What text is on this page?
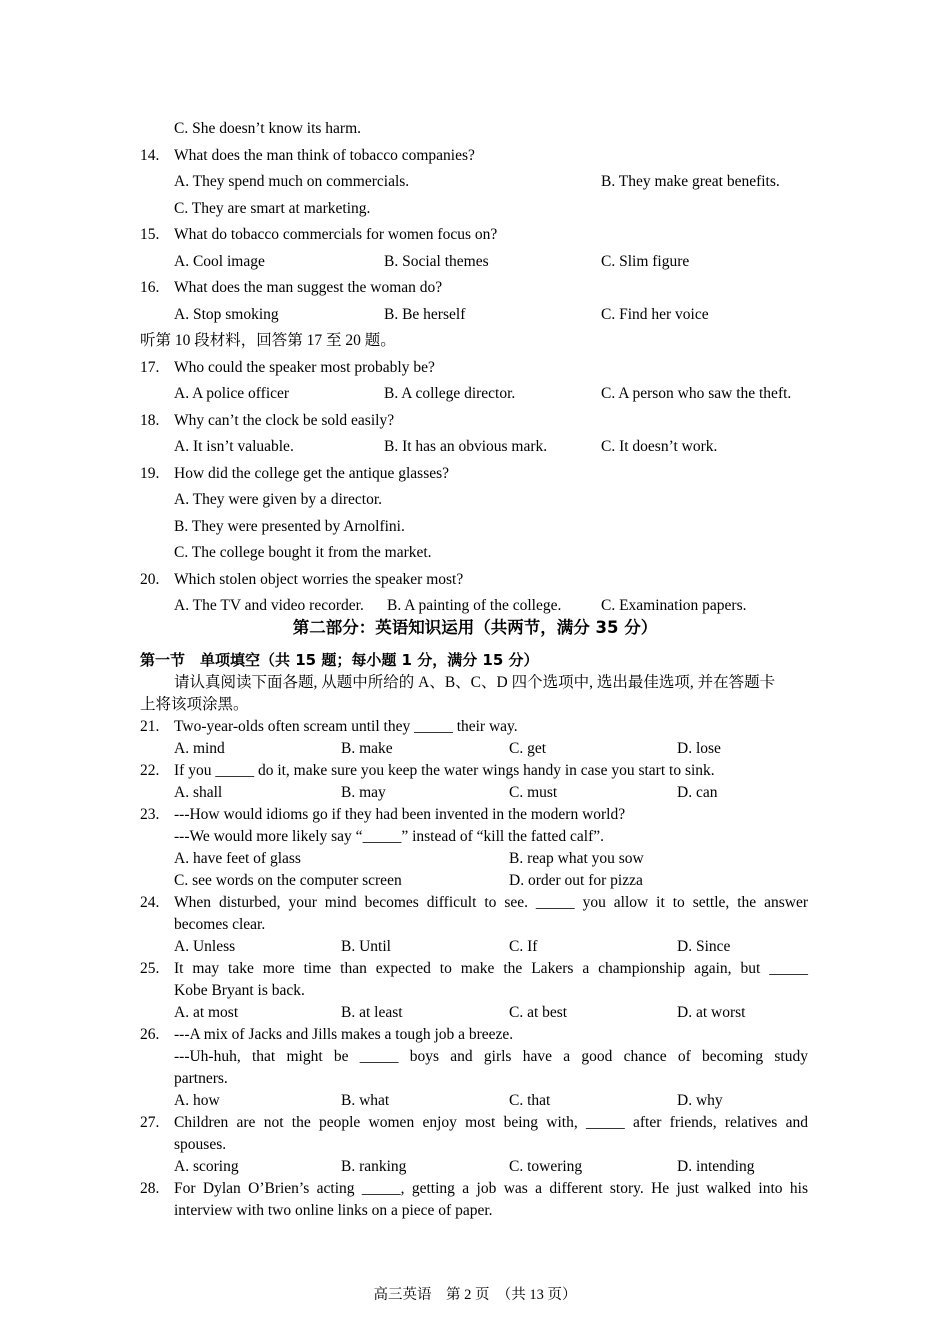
C. She doesn’t know its harm.
14. What does the man think of tobacco companies?
A. They spend much on commercials.	B. They make great benefits.
C. They are smart at marketing.
15. What do tobacco commercials for women focus on?
A. Cool image	B. Social themes	C. Slim figure
16. What does the man suggest the woman do?
A. Stop smoking	B. Be herself	C. Find her voice
听第 10 段材料，回答第 17 至 20 题。
17. Who could the speaker most probably be?
A. A police officer	B. A college director.	C. A person who saw the theft.
18. Why can’t the clock be sold easily?
A. It isn’t valuable.	B. It has an obvious mark.	C. It doesn’t work.
19. How did the college get the antique glasses?
A. They were given by a director.
B. They were presented by Arnolfini.
C. The college bought it from the market.
20. Which stolen object worries the speaker most?
A. The TV and video recorder. B. A painting of the college.	C. Examination papers.
第二部分：英语知识运用（共两节，满分 35 分）
第一节　单项填空（共 15 题；每小题 1 分，满分 15 分）
请认真阅读下面各题, 从题中所给的 A、B、C、D 四个选项中, 选出最佳选项, 并在答题卡
上将该项涂黑。
21. Two-year-olds often scream until they _____ their way.
A. mind	B. make	C. get	D. lose
22. If you _____ do it, make sure you keep the water wings handy in case you start to sink.
A. shall	B. may	C. must	D. can
23. ---How would idioms go if they had been invented in the modern world?
---We would more likely say “_____” instead of “kill the fatted calf”.
A. have feet of glass	B. reap what you sow
C. see words on the computer screen	D. order out for pizza
24. When disturbed, your mind becomes difficult to see. _____ you allow it to settle, the answer
becomes clear.
A. Unless	B. Until	C. If	D. Since
25. It may take more time than expected to make the Lakers a championship again, but _____
Kobe Bryant is back.
A. at most	B. at least	C. at best	D. at worst
26. ---A mix of Jacks and Jills makes a tough job a breeze.
---Uh-huh, that might be _____ boys and girls have a good chance of becoming study
partners.
A. how	B. what	C. that	D. why
27. Children are not the people women enjoy most being with, _____ after friends, relatives and
spouses.
A. scoring	B. ranking	C. towering	D. intending
28. For Dylan O’Brien’s acting _____, getting a job was a different story. He just walked into his
interview with two online links on a piece of paper.
高三英语　第 2 页　（共 13 页）
